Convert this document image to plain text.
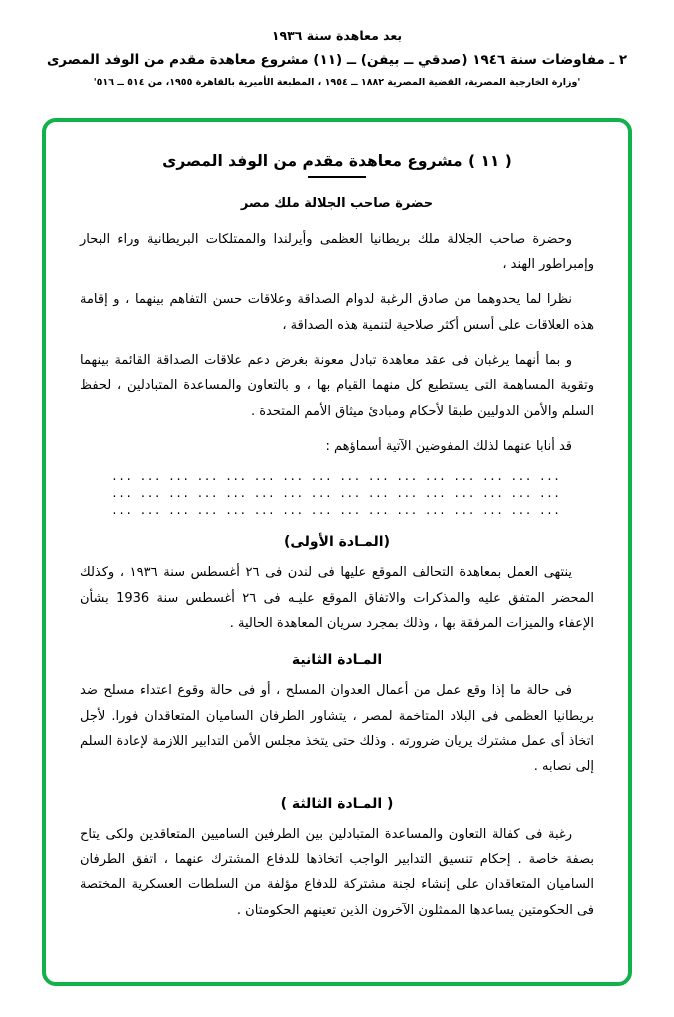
بعد معاهدة سنة ١٩٣٦
٢ ـ مفاوضات سنة ١٩٤٦ (صدقي ــ بيفن) ــ (١١) مشروع معاهدة مقدم من الوفد المصرى
'وزارة الخارجية المصرية، القضية المصرية ١٨٨٢ ــ ١٩٥٤ ، المطبعة الأميرية بالقاهرة ١٩٥٥، من ٥١٤ ــ ٥١٦'
( ١١ ) مشروع معاهدة مقدم من الوفد المصرى
حضرة صاحب الجلالة ملك مصر

وحضرة صاحب الجلالة ملك بريطانيا العظمى وأيرلندا والممتلكات البريطانية وراء البحار وإمبراطور الهند ،

نظرا لما يحدوهما من صادق الرغبة لدوام الصداقة وعلاقات حسن التفاهم بينهما ، و إقامة هذه العلاقات على أسس أكثر صلاحية لتنمية هذه الصداقة ،

و بما أنهما يرغبان فى عقد معاهدة تبادل معونة بغرض دعم علاقات الصداقة القائمة بينهما وتقوية المساهمة التى يستطيع كل منهما القيام بها ، و بالتعاون والمساعدة المتبادلين ، لحفظ السلم والأمن الدوليين طبقا لأحكام ومبادئ ميثاق الأمم المتحدة .

قد أنابا عنهما لذلك المفوضين الآتية أسماؤهم :

... ... ... ... ... ... ... ... ... ... ... ... ... ... ... ...
... ... ... ... ... ... ... ... ... ... ... ... ... ... ... ...
... ... ... ... ... ... ... ... ... ... ... ... ... ... ... ...
(المـادة الأولى)

ينتهى العمل بمعاهدة التحالف الموقع عليها فى لندن فى ٢٦ أغسطس سنة ١٩٣٦ ، وكذلك المحضر المتفق عليه والمذكرات والاتفاق الموقع عليـه فى ٢٦ أغسطس سنة 1936 بشأن الإعفاء والميزات المرفقة بها ، وذلك بمجرد سريان المعاهدة الحالية .

المـادة الثانية

فى حالة ما إذا وقع عمل من أعمال العدوان المسلح ، أو فى حالة وقوع اعتداء مسلح ضد بريطانيا العظمى فى البلاد المتاخمة لمصر ، يتشاور الطرفان الساميان المتعاقدان فورا. لأجل اتخاذ أى عمل مشترك يريان ضرورته . وذلك حتى يتخذ مجلس الأمن التدابير اللازمة لإعادة السلم إلى نصابه .

( المـادة الثالثة )

رغبة فى كفالة التعاون والمساعدة المتبادلين بين الطرفين الساميين المتعاقدين ولكى يتاح بصفة خاصة . إحكام تنسيق التدابير الواجب اتخاذها للدفاع المشترك عنهما ، اتفق الطرفان الساميان المتعاقدان على إنشاء لجنة مشتركة للدفاع مؤلفة من السلطات العسكرية المختصة فى الحكومتين يساعدها الممثلون الآخرون الذين تعينهم الحكومتان .
